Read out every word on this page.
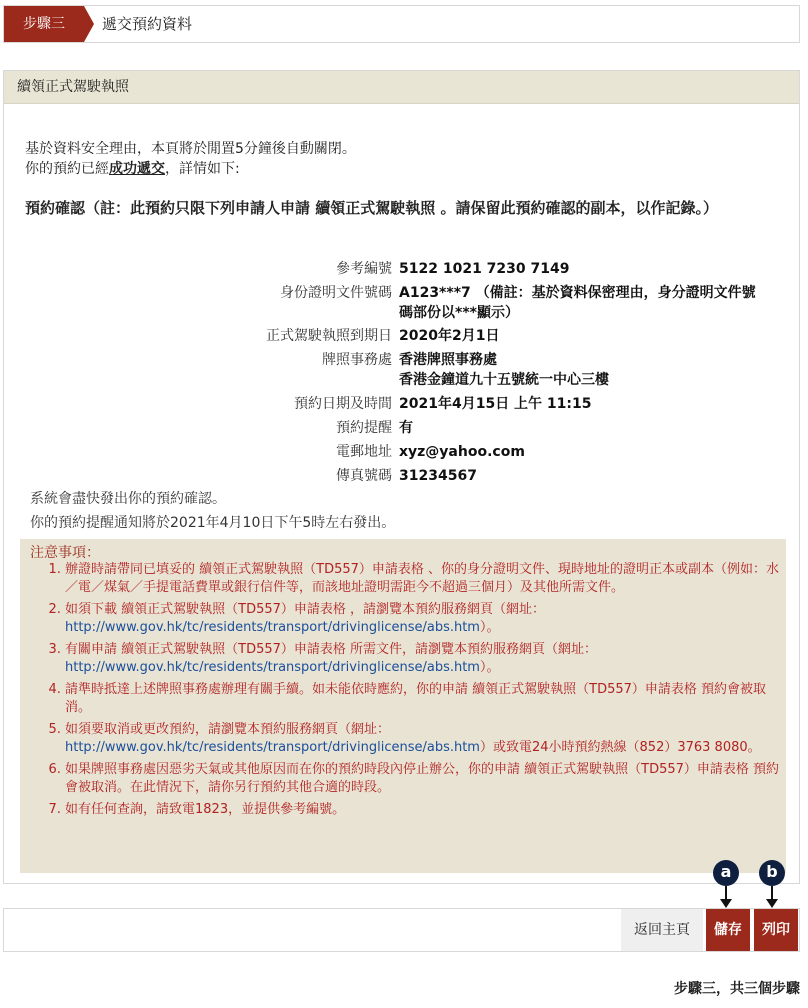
步驟三	遞交預約資料
續領正式駕駛執照
基於資料安全理由，本頁將於閒置5分鐘後自動關閉。
你的預約已經成功遞交，詳情如下:
預約確認（註：此預約只限下列申請人申請 續領正式駕駛執照 。請保留此預約確認的副本，以作記錄。）
參考編號 5122 1021 7230 7149
身份證明文件號碼 A123***7 （備註：基於資料保密理由，身分證明文件號碼部份以***顯示）
正式駕駛執照到期日 2020年2月1日
牌照事務處 香港牌照事務處
香港金鐘道九十五號統一中心三樓
預約日期及時間 2021年4月15日 上午 11:15
預約提醒 有
電郵地址 xyz@yahoo.com
傳真號碼 31234567
系統會盡快發出你的預約確認。
你的預約提醒通知將於2021年4月10日下午5時左右發出。
注意事項：
1. 辦證時請帶同已填妥的 續領正式駕駛執照（TD557）申請表格 、你的身分證明文件、現時地址的證明正本或副本（例如：水／電／煤氣／手提電話費單或銀行信件等，而該地址證明需距今不超過三個月）及其他所需文件。
2. 如須下載 續領正式駕駛執照（TD557）申請表格 ，請瀏覽本預約服務網頁（網址：
http://www.gov.hk/tc/residents/transport/drivinglicense/abs.htm）。
3. 有關申請 續領正式駕駛執照（TD557）申請表格 所需文件，請瀏覽本預約服務網頁（網址：
http://www.gov.hk/tc/residents/transport/drivinglicense/abs.htm）。
4. 請準時抵達上述牌照事務處辦理有關手續。如未能依時應約，你的申請 續領正式駕駛執照（TD557）申請表格 預約會被取消。
5. 如須要取消或更改預約，請瀏覽本預約服務網頁（網址：http://www.gov.hk/tc/residents/transport/drivinglicense/abs.htm）或致電24小時預約熱線（852）3763 8080。
6. 如果牌照事務處因惡劣天氣或其他原因而在你的預約時段內停止辦公，你的申請 續領正式駕駛執照（TD557）申請表格 預約會被取消。在此情況下，請你另行預約其他合適的時段。
7. 如有任何查詢，請致電1823，並提供參考編號。
a	b
返回主頁	儲存	列印
步驟三，共三個步驟
